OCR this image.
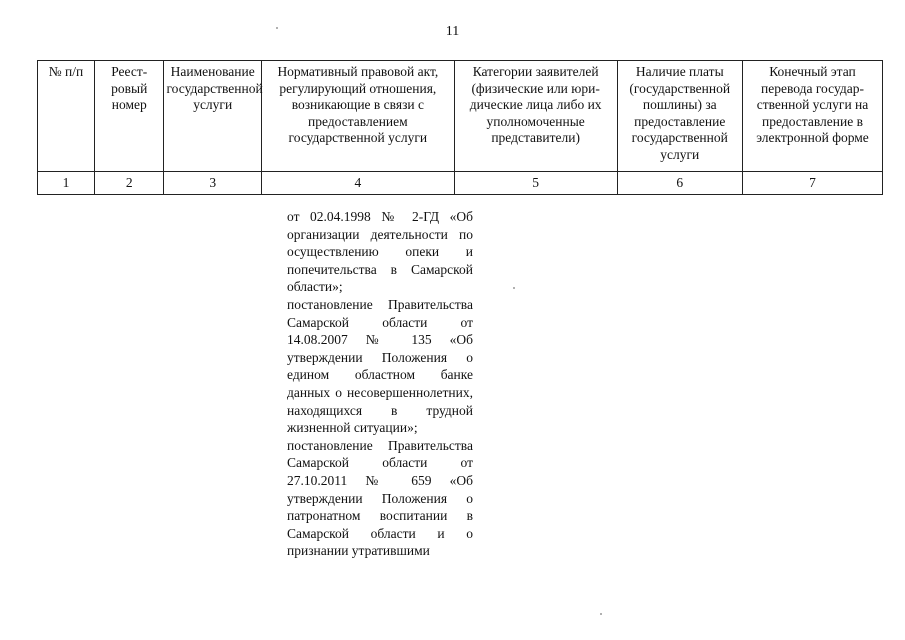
11
№ п/п	Реестровый номер	Наименование государственной услуги	Нормативный правовой акт, регулирующий отношения, возникающие в связи с предоставлением государственной услуги	Категории заявителей (физические или юридические лица либо их уполномоченные представители)	Наличие платы (государственной пошлины) за предоставление государственной услуги	Конечный этап перевода государственной услуги на предоставление в электронной форме
1	2	3	4	5	6	7
от 02.04.1998 № 2-ГД «Об организации деятельности по осуществлению опеки и попечительства в Самарской области»;
постановление Правительства Самарской области от 14.08.2007 № 135 «Об утверждении Положения о едином областном банке данных о несовершеннолетних, находящихся в трудной жизненной ситуации»;
постановление Правительства Самарской области от 27.10.2011 № 659 «Об утверждении Положения о патронатном воспитании в Самарской области и о признании утратившими
